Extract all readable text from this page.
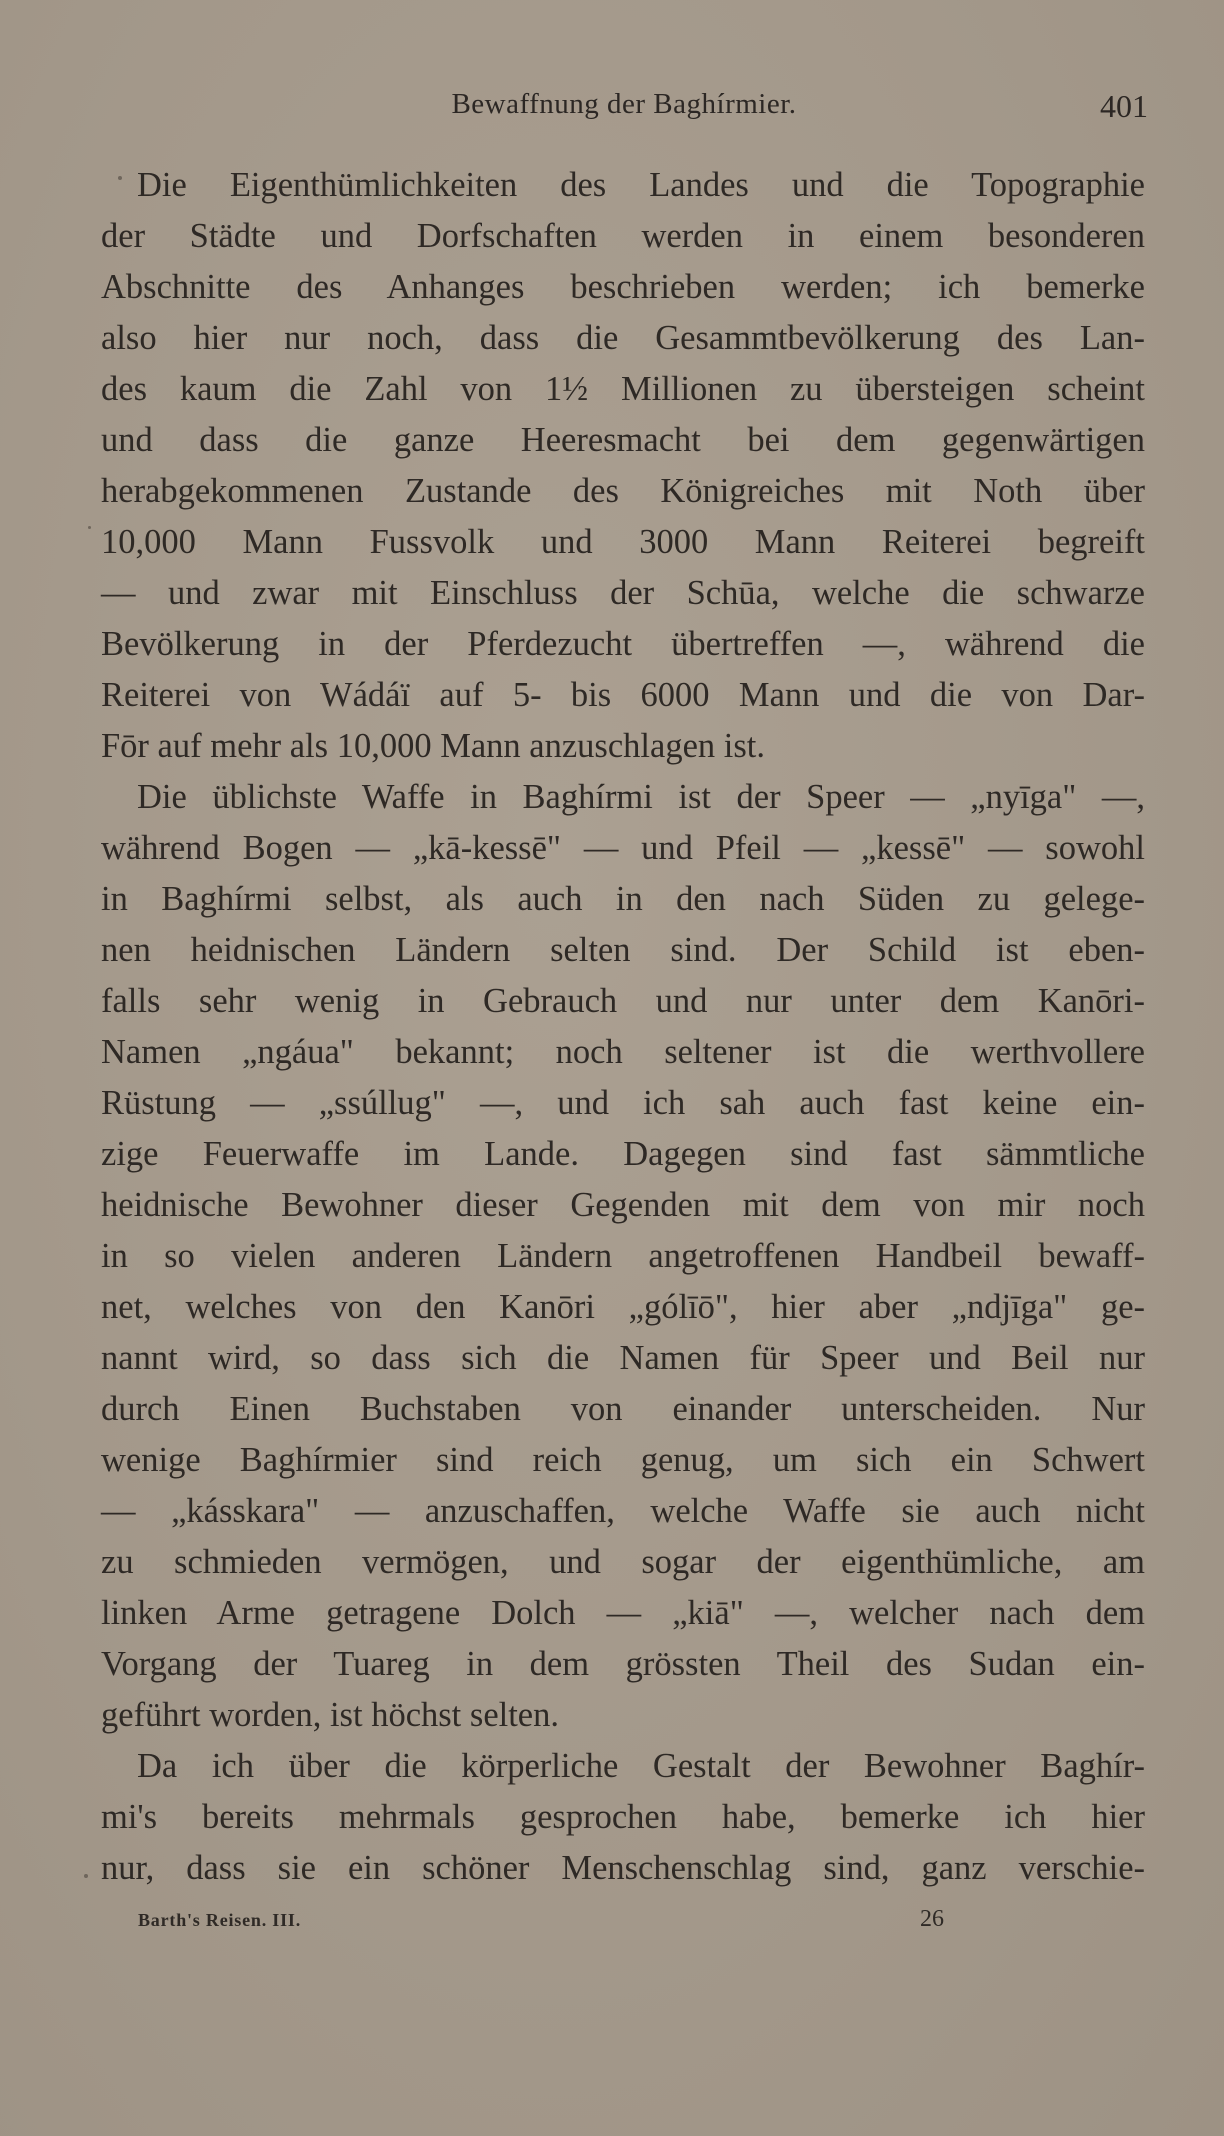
Bewaffnung der Baghírmier.	401
Die Eigenthümlichkeiten des Landes und die Topographie
der Städte und Dorfschaften werden in einem besonderen
Abschnitte des Anhanges beschrieben werden; ich bemerke
also hier nur noch, dass die Gesammtbevölkerung des Lan-
des kaum die Zahl von 1½ Millionen zu übersteigen scheint
und dass die ganze Heeresmacht bei dem gegenwärtigen
herabgekommenen Zustande des Königreiches mit Noth über
10,000 Mann Fussvolk und 3000 Mann Reiterei begreift
— und zwar mit Einschluss der Schūa, welche die schwarze
Bevölkerung in der Pferdezucht übertreffen —, während die
Reiterei von Wádáï auf 5- bis 6000 Mann und die von Dar-
Fōr auf mehr als 10,000 Mann anzuschlagen ist.
Die üblichste Waffe in Baghírmi ist der Speer — „nyīga" —,
während Bogen — „kā-kessē" — und Pfeil — „kessē" — sowohl
in Baghírmi selbst, als auch in den nach Süden zu gelege-
nen heidnischen Ländern selten sind. Der Schild ist eben-
falls sehr wenig in Gebrauch und nur unter dem Kanōri-
Namen „ngáua" bekannt; noch seltener ist die werthvollere
Rüstung — „ssúllug" —, und ich sah auch fast keine ein-
zige Feuerwaffe im Lande. Dagegen sind fast sämmtliche
heidnische Bewohner dieser Gegenden mit dem von mir noch
in so vielen anderen Ländern angetroffenen Handbeil bewaff-
net, welches von den Kanōri „gólīō", hier aber „ndjīga" ge-
nannt wird, so dass sich die Namen für Speer und Beil nur
durch Einen Buchstaben von einander unterscheiden. Nur
wenige Baghírmier sind reich genug, um sich ein Schwert
— „kásskara" — anzuschaffen, welche Waffe sie auch nicht
zu schmieden vermögen, und sogar der eigenthümliche, am
linken Arme getragene Dolch — „kiā" —, welcher nach dem
Vorgang der Tuareg in dem grössten Theil des Sudan ein-
geführt worden, ist höchst selten.
Da ich über die körperliche Gestalt der Bewohner Baghír-
mi's bereits mehrmals gesprochen habe, bemerke ich hier
nur, dass sie ein schöner Menschenschlag sind, ganz verschie-
Barth's Reisen. III.	26
